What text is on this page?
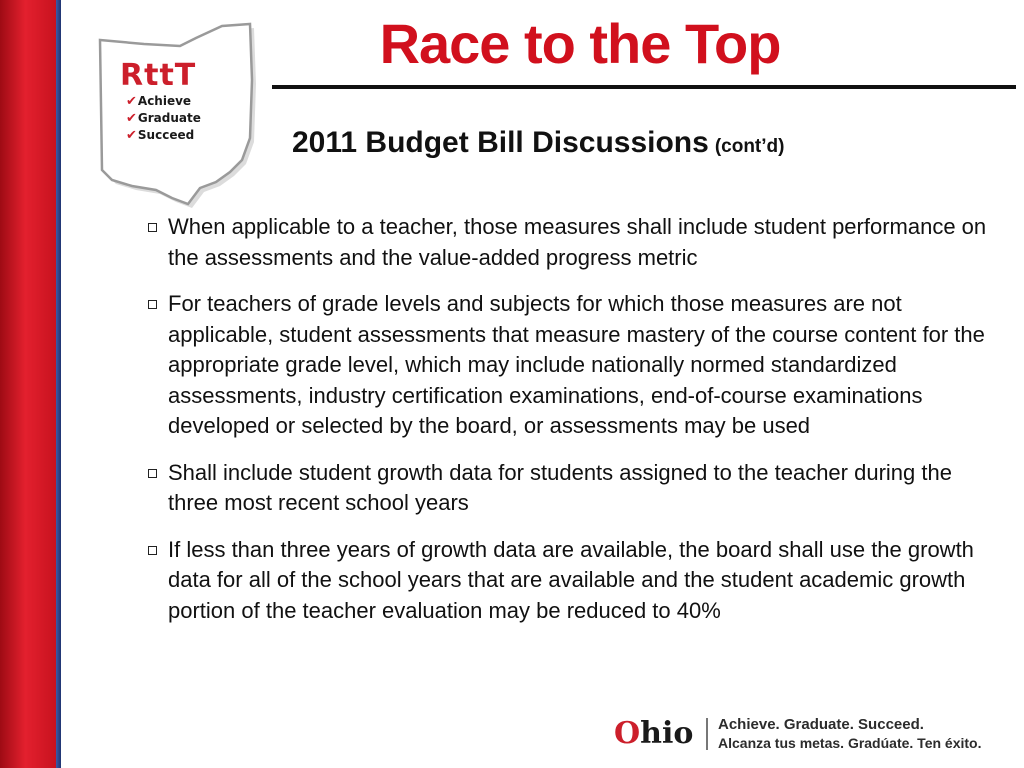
RttT
✔Achieve
✔Graduate
✔Succeed
Race to the Top
2011 Budget Bill Discussions (cont’d)
When applicable to a teacher, those measures shall include student performance on the assessments and the value-added progress metric
For teachers of grade levels and subjects for which those measures are not applicable, student assessments that measure mastery of the course content for the appropriate grade level, which may include nationally normed standardized assessments, industry certification examinations, end-of-course examinations developed or selected by the board, or assessments may be used
Shall include student growth data for students assigned to the teacher during the three most recent school years
If less than three years of growth data are available, the board shall use the growth data for all of the school years that are available and the student academic growth portion of the teacher evaluation may be reduced to 40%
Ohio Achieve. Graduate. Succeed.
Alcanza tus metas. Gradúate. Ten éxito.
